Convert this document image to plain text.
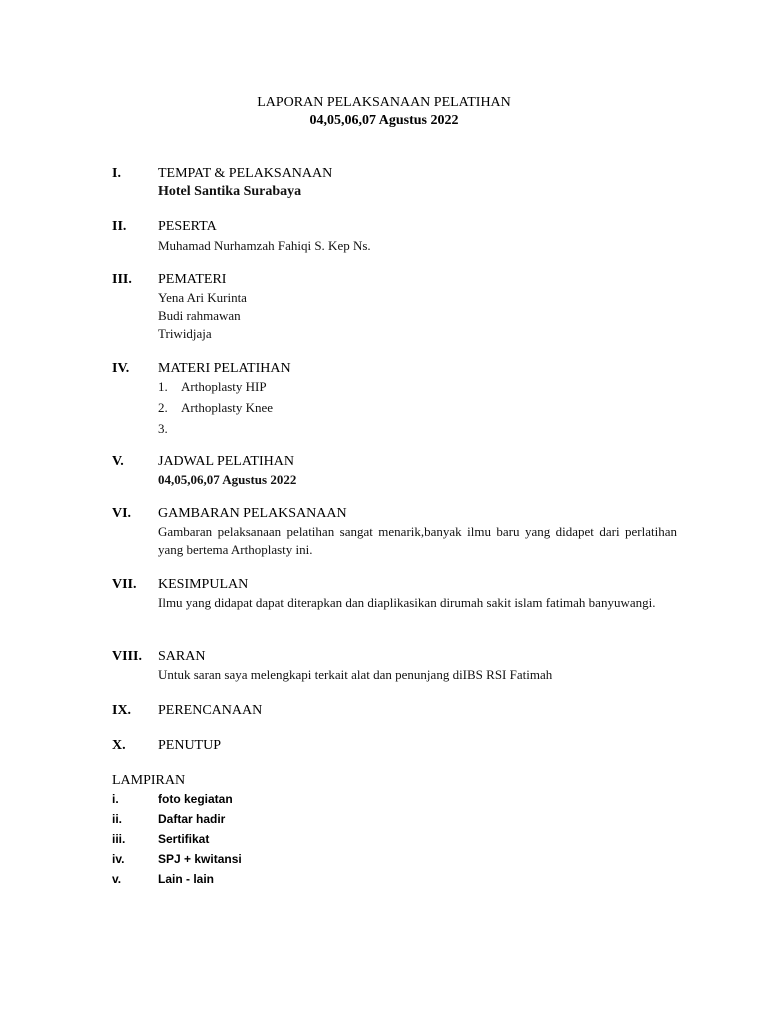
LAPORAN PELAKSANAAN PELATIHAN
04,05,06,07 Agustus 2022
I.	TEMPAT & PELAKSANAAN
Hotel Santika Surabaya
II. PESERTA
Muhamad Nurhamzah Fahiqi S. Kep Ns.
III. PEMATERI
Yena Ari Kurinta
Budi rahmawan
Triwidjaja
IV. MATERI PELATIHAN
1. Arthoplasty HIP
2. Arthoplasty Knee
3.
V. JADWAL PELATIHAN
04,05,06,07 Agustus 2022
VI. GAMBARAN PELAKSANAAN
Gambaran pelaksanaan pelatihan sangat menarik,banyak ilmu baru yang didapet dari perlatihan yang bertema Arthoplasty ini.
VII. KESIMPULAN
Ilmu yang didapat dapat diterapkan dan diaplikasikan dirumah sakit islam fatimah banyuwangi.
VIII. SARAN
Untuk saran saya melengkapi terkait alat dan penunjang diIBS RSI Fatimah
IX. PERENCANAAN
X. PENUTUP
LAMPIRAN
i.	foto kegiatan
ii.	Daftar hadir
iii.	Sertifikat
iv.	SPJ + kwitansi
v.	Lain - lain
